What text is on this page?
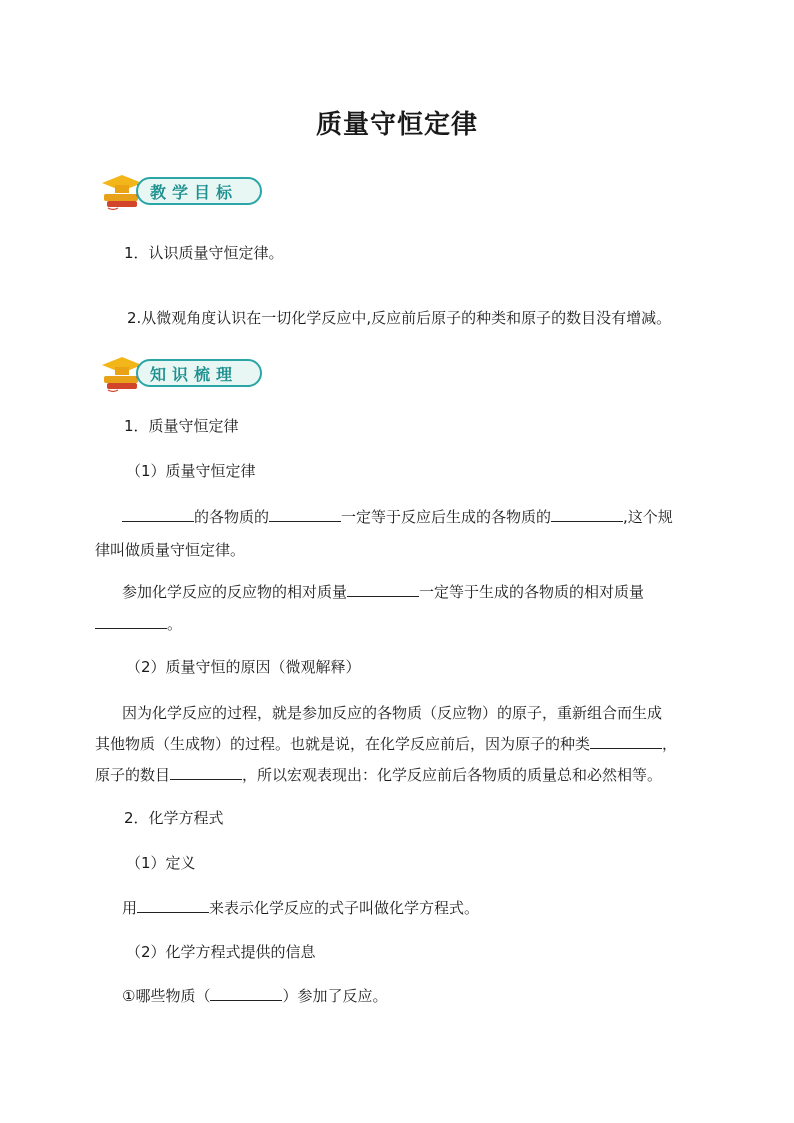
质量守恒定律
教学目标
1．认识质量守恒定律。
2.从微观角度认识在一切化学反应中,反应前后原子的种类和原子的数目没有增减。
知识梳理
1．质量守恒定律
（1）质量守恒定律
的各物质的	一定等于反应后生成的各物质的	,这个规
律叫做质量守恒定律。
参加化学反应的反应物的相对质量	一定等于生成的各物质的相对质量
。
（2）质量守恒的原因（微观解释）
因为化学反应的过程，就是参加反应的各物质（反应物）的原子，重新组合而生成
其他物质（生成物）的过程。也就是说，在化学反应前后，因为原子的种类	，
原子的数目	，所以宏观表现出：化学反应前后各物质的质量总和必然相等。
2．化学方程式
（1）定义
用	来表示化学反应的式子叫做化学方程式。
（2）化学方程式提供的信息
①哪些物质（	）参加了反应。
